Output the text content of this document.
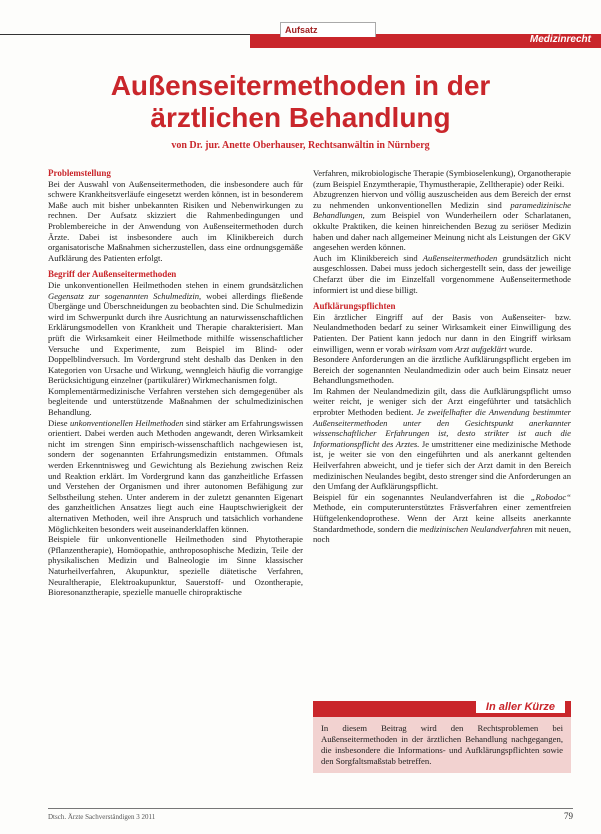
Aufsatz
Medizinrecht
Außenseitermethoden in der
ärztlichen Behandlung
von Dr. jur. Anette Oberhauser, Rechtsanwältin in Nürnberg
Problemstellung

Bei der Auswahl von Außenseitermethoden, die insbesondere auch für schwere Krankheitsverläufe eingesetzt werden können, ist in besonderem Maße auch mit bisher unbekannten Risiken und Nebenwirkungen zu rechnen. Der Aufsatz skizziert die Rahmenbedingungen und Problembereiche in der Anwendung von Außenseitermethoden durch Ärzte. Dabei ist insbesondere auch im Klinikbereich durch organisatorische Maßnahmen sicherzustellen, dass eine ordnungsgemäße Aufklärung des Patienten erfolgt.

Begriff der Außenseitermethoden

Die unkonventionellen Heilmethoden stehen in einem grundsätzlichen Gegensatz zur sogenannten Schulmedizin, wobei allerdings fließende Übergänge und Überschneidungen zu beobachten sind. Die Schulmedizin wird im Schwerpunkt durch ihre Ausrichtung an naturwissenschaftlichen Erklärungsmodellen von Krankheit und Therapie charakterisiert. Man prüft die Wirksamkeit einer Heilmethode mithilfe wissenschaftlicher Versuche und Experimente, zum Beispiel im Blind- oder Doppelblindversuch. Im Vordergrund steht deshalb das Denken in den Kategorien von Ursache und Wirkung, wenngleich häufig die vorrangige Berücksichtigung einzelner (partikulärer) Wirkmechanismen folgt.

Komplementärmedizinische Verfahren verstehen sich demgegenüber als begleitende und unterstützende Maßnahmen der schulmedizinischen Behandlung.

Diese unkonventionellen Heilmethoden sind stärker am Erfahrungswissen orientiert. Dabei werden auch Methoden angewandt, deren Wirksamkeit nicht im strengen Sinn empirisch-wissenschaftlich nachgewiesen ist, sondern der sogenannten Erfahrungsmedizin entstammen. Oftmals werden Erkenntnisweg und Gewichtung als Beziehung zwischen Reiz und Reaktion erklärt. Im Vordergrund kann das ganzheitliche Erfassen und Verstehen der Organismen und ihrer autonomen Befähigung zur Selbstheilung stehen. Unter anderem in der zuletzt genannten Eigenart des ganzheitlichen Ansatzes liegt auch eine Hauptschwierigkeit der alternativen Methoden, weil ihre Anspruch und tatsächlich vorhandene Möglichkeiten besonders weit auseinanderklaffen können.

Beispiele für unkonventionelle Heilmethoden sind Phytotherapie (Pflanzentherapie), Homöopathie, anthroposophische Medizin, Teile der physikalischen Medizin und Balneologie im Sinne klassischer Naturheilverfahren, Akupunktur, spezielle diätetische Verfahren, Neuraltherapie, Elektroakupunktur, Sauerstoff- und Ozontherapie, Bioresonanztherapie, spezielle manuelle chiropraktische

Verfahren, mikrobiologische Therapie (Symbioselenkung), Organotherapie (zum Beispiel Enzymtherapie, Thymustherapie, Zelltherapie) oder Reiki.

Abzugrenzen hiervon und völlig auszuscheiden aus dem Bereich der ernst zu nehmenden unkonventionellen Medizin sind paramedizinische Behandlungen, zum Beispiel von Wunderheilern oder Scharlatanen, okkulte Praktiken, die keinen hinreichenden Bezug zu seriöser Medizin haben und daher nach allgemeiner Meinung nicht als Leistungen der GKV angesehen werden können.

Auch im Klinikbereich sind Außenseitermethoden grundsätzlich nicht ausgeschlossen. Dabei muss jedoch sichergestellt sein, dass der jeweilige Chefarzt über die im Einzelfall vorgenommene Außenseitermethode informiert ist und diese billigt.

Aufklärungspflichten

Ein ärztlicher Eingriff auf der Basis von Außenseiter- bzw. Neulandmethoden bedarf zu seiner Wirksamkeit einer Einwilligung des Patienten. Der Patient kann jedoch nur dann in den Eingriff wirksam einwilligen, wenn er vorab wirksam vom Arzt aufgeklärt wurde.

Besondere Anforderungen an die ärztliche Aufklärungspflicht ergeben im Bereich der sogenannten Neulandmedizin oder auch beim Einsatz neuer Behandlungsmethoden.

Im Rahmen der Neulandmedizin gilt, dass die Aufklärungspflicht umso weiter reicht, je weniger sich der Arzt eingeführter und tatsächlich erprobter Methoden bedient. Je zweifelhafter die Anwendung bestimmter Außenseitermethoden unter den Gesichtspunkt anerkannter wissenschaftlicher Erfahrungen ist, desto strikter ist auch die Informationspflicht des Arztes. Je umstrittener eine medizinische Methode ist, je weiter sie von den eingeführten und als anerkannt geltenden Heilverfahren abweicht, und je tiefer sich der Arzt damit in den Bereich medizinischen Neulandes begibt, desto strenger sind die Anforderungen an den Umfang der Aufklärungspflicht.

Beispiel für ein sogenanntes Neulandverfahren ist die „Robodoc“ Methode, ein computerunterstütztes Fräsverfahren einer zementfreien Hüftgelenkendoprothese. Wenn der Arzt keine allseits anerkannte Standardmethode, sondern die medizinischen Neulandverfahren mit neuen, noch

In aller Kürze
In diesem Beitrag wird den Rechtsproblemen bei Außenseitermethoden in der ärztlichen Behandlung nachgegangen, die insbesondere die Informations- und Aufklärungspflichten sowie den Sorgfaltsmaßstab betreffen.
Dtsch. Ärzte Sachverständigen 3 2011	79
